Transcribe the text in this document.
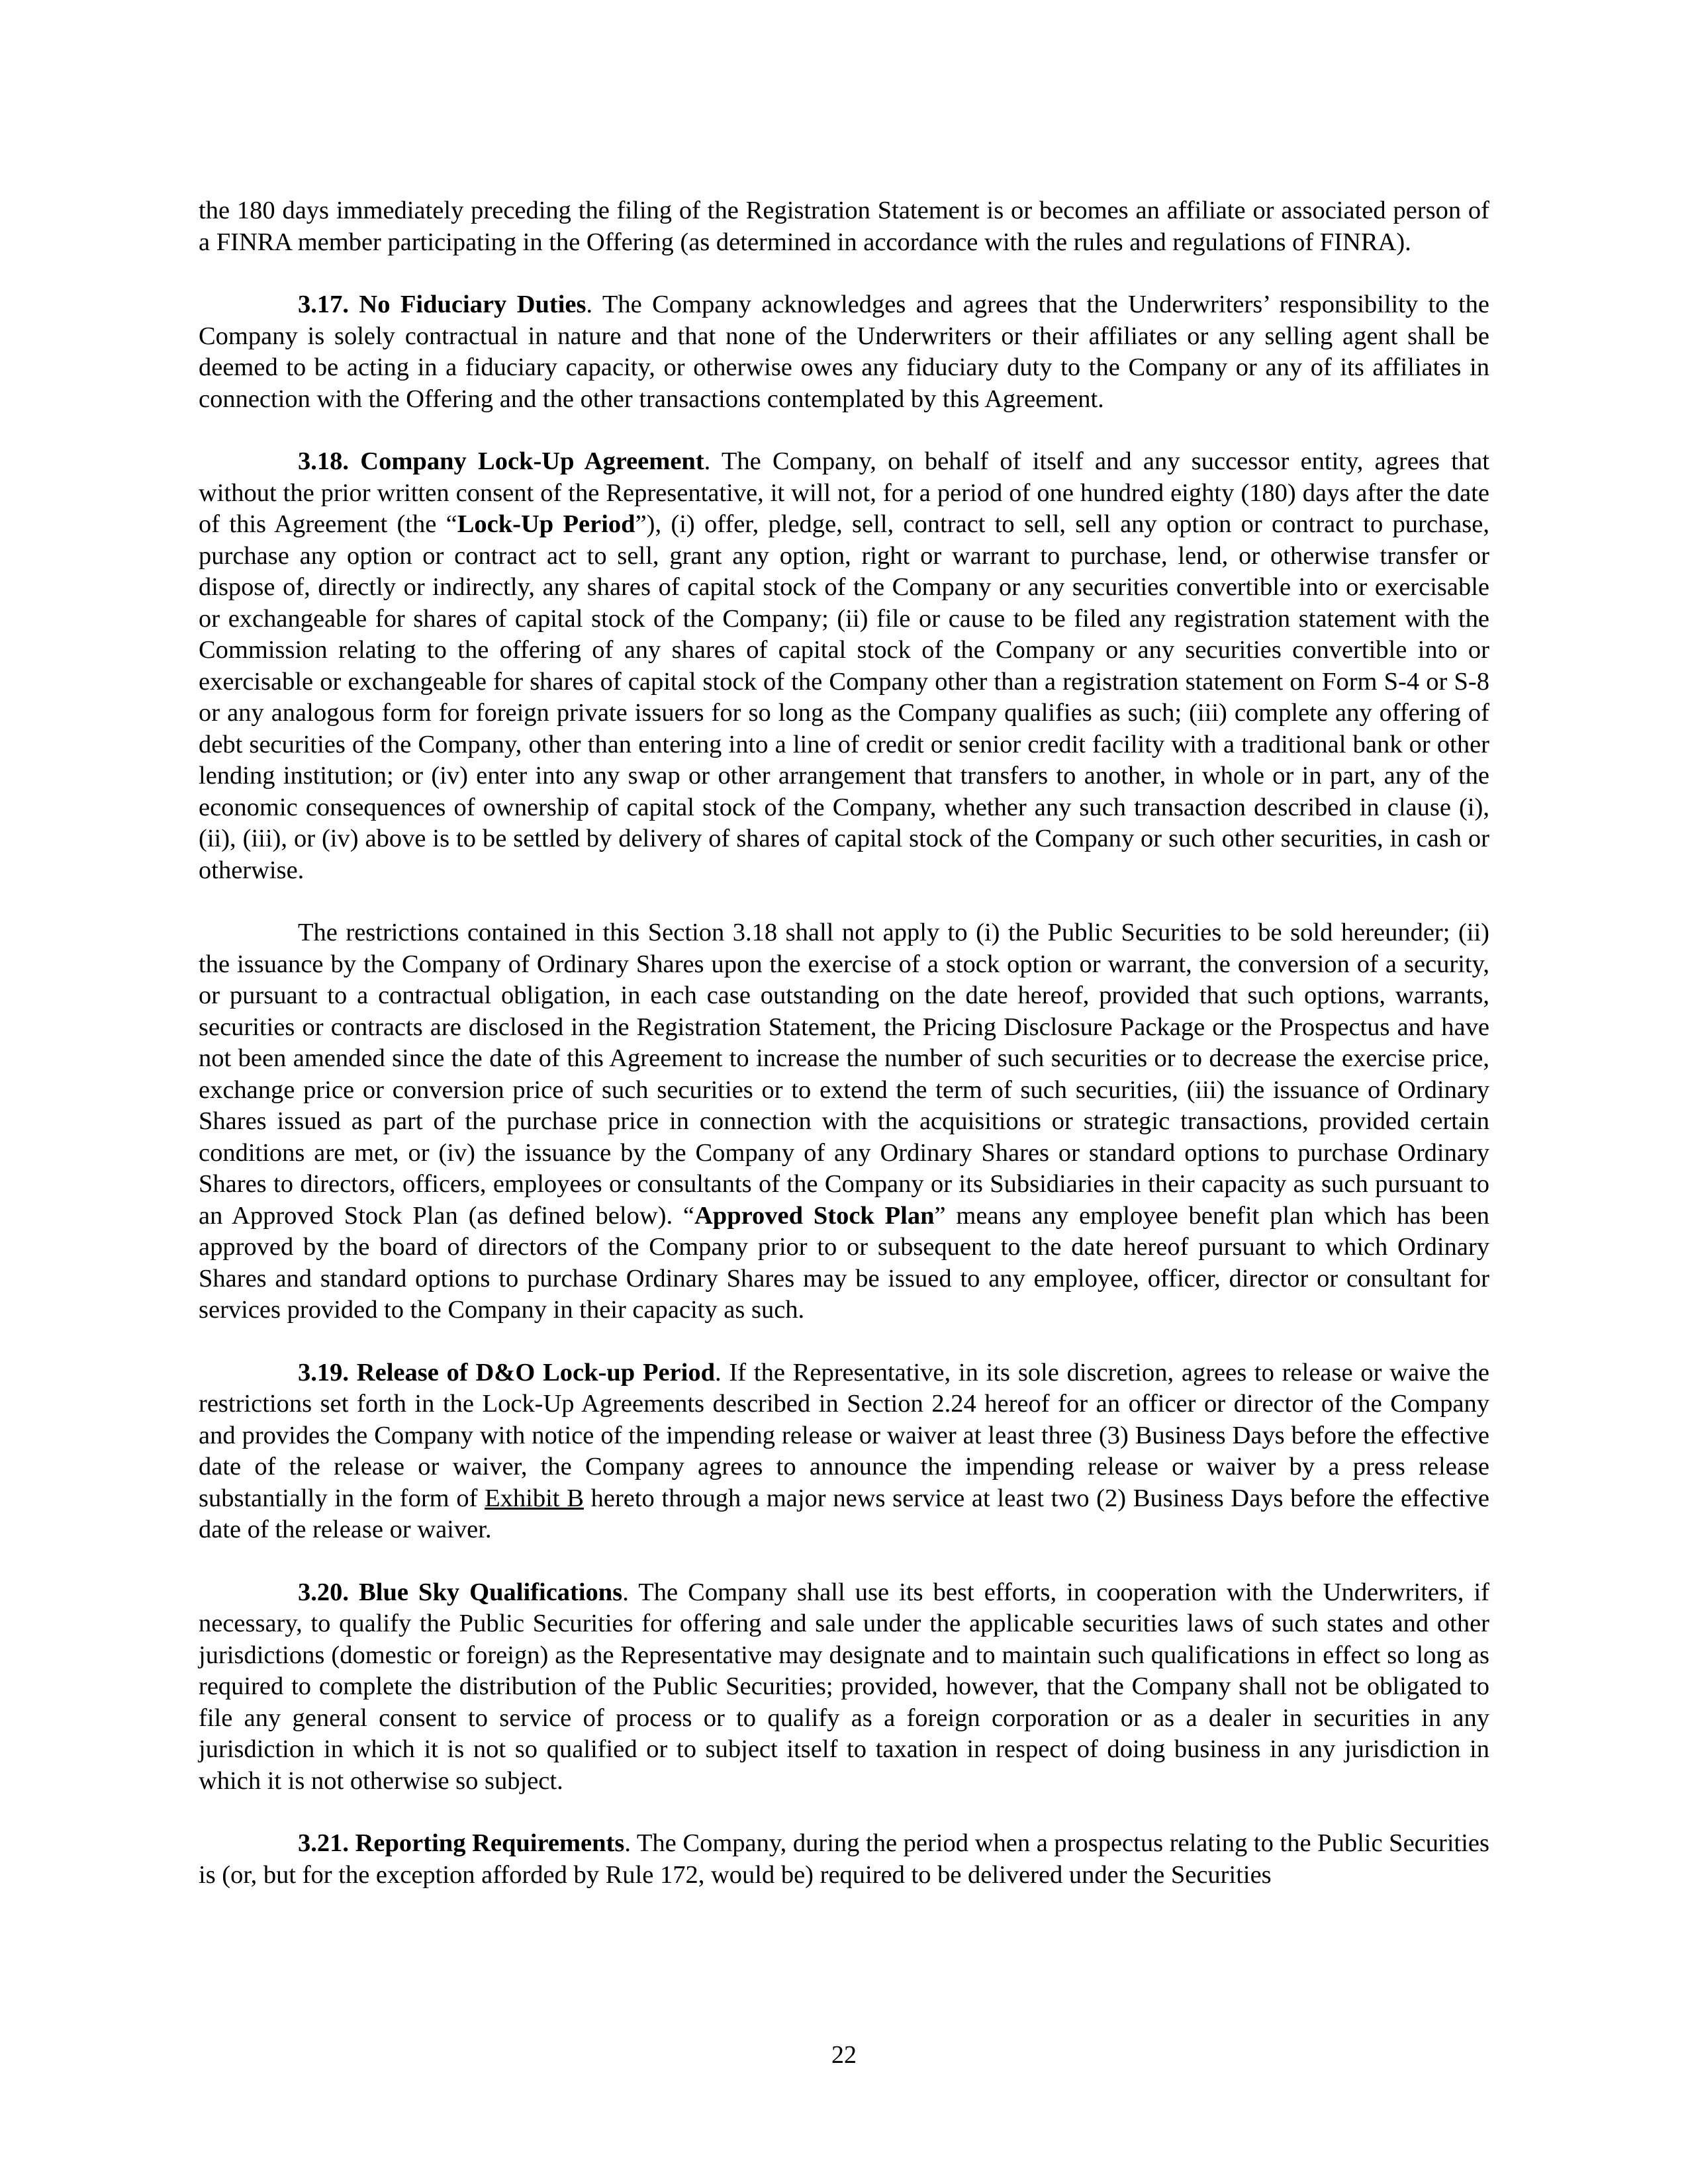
the 180 days immediately preceding the filing of the Registration Statement is or becomes an affiliate or associated person of a FINRA member participating in the Offering (as determined in accordance with the rules and regulations of FINRA).

3.17. No Fiduciary Duties. The Company acknowledges and agrees that the Underwriters’ responsibility to the Company is solely contractual in nature and that none of the Underwriters or their affiliates or any selling agent shall be deemed to be acting in a fiduciary capacity, or otherwise owes any fiduciary duty to the Company or any of its affiliates in connection with the Offering and the other transactions contemplated by this Agreement.

3.18. Company Lock-Up Agreement. The Company, on behalf of itself and any successor entity, agrees that without the prior written consent of the Representative, it will not, for a period of one hundred eighty (180) days after the date of this Agreement (the “Lock-Up Period”), (i) offer, pledge, sell, contract to sell, sell any option or contract to purchase, purchase any option or contract act to sell, grant any option, right or warrant to purchase, lend, or otherwise transfer or dispose of, directly or indirectly, any shares of capital stock of the Company or any securities convertible into or exercisable or exchangeable for shares of capital stock of the Company; (ii) file or cause to be filed any registration statement with the Commission relating to the offering of any shares of capital stock of the Company or any securities convertible into or exercisable or exchangeable for shares of capital stock of the Company other than a registration statement on Form S-4 or S-8 or any analogous form for foreign private issuers for so long as the Company qualifies as such; (iii) complete any offering of debt securities of the Company, other than entering into a line of credit or senior credit facility with a traditional bank or other lending institution; or (iv) enter into any swap or other arrangement that transfers to another, in whole or in part, any of the economic consequences of ownership of capital stock of the Company, whether any such transaction described in clause (i), (ii), (iii), or (iv) above is to be settled by delivery of shares of capital stock of the Company or such other securities, in cash or otherwise.

The restrictions contained in this Section 3.18 shall not apply to (i) the Public Securities to be sold hereunder; (ii) the issuance by the Company of Ordinary Shares upon the exercise of a stock option or warrant, the conversion of a security, or pursuant to a contractual obligation, in each case outstanding on the date hereof, provided that such options, warrants, securities or contracts are disclosed in the Registration Statement, the Pricing Disclosure Package or the Prospectus and have not been amended since the date of this Agreement to increase the number of such securities or to decrease the exercise price, exchange price or conversion price of such securities or to extend the term of such securities, (iii) the issuance of Ordinary Shares issued as part of the purchase price in connection with the acquisitions or strategic transactions, provided certain conditions are met, or (iv) the issuance by the Company of any Ordinary Shares or standard options to purchase Ordinary Shares to directors, officers, employees or consultants of the Company or its Subsidiaries in their capacity as such pursuant to an Approved Stock Plan (as defined below). “Approved Stock Plan” means any employee benefit plan which has been approved by the board of directors of the Company prior to or subsequent to the date hereof pursuant to which Ordinary Shares and standard options to purchase Ordinary Shares may be issued to any employee, officer, director or consultant for services provided to the Company in their capacity as such.

3.19. Release of D&O Lock-up Period. If the Representative, in its sole discretion, agrees to release or waive the restrictions set forth in the Lock-Up Agreements described in Section 2.24 hereof for an officer or director of the Company and provides the Company with notice of the impending release or waiver at least three (3) Business Days before the effective date of the release or waiver, the Company agrees to announce the impending release or waiver by a press release substantially in the form of Exhibit B hereto through a major news service at least two (2) Business Days before the effective date of the release or waiver.

3.20. Blue Sky Qualifications. The Company shall use its best efforts, in cooperation with the Underwriters, if necessary, to qualify the Public Securities for offering and sale under the applicable securities laws of such states and other jurisdictions (domestic or foreign) as the Representative may designate and to maintain such qualifications in effect so long as required to complete the distribution of the Public Securities; provided, however, that the Company shall not be obligated to file any general consent to service of process or to qualify as a foreign corporation or as a dealer in securities in any jurisdiction in which it is not so qualified or to subject itself to taxation in respect of doing business in any jurisdiction in which it is not otherwise so subject.

3.21. Reporting Requirements. The Company, during the period when a prospectus relating to the Public Securities is (or, but for the exception afforded by Rule 172, would be) required to be delivered under the Securities

22
